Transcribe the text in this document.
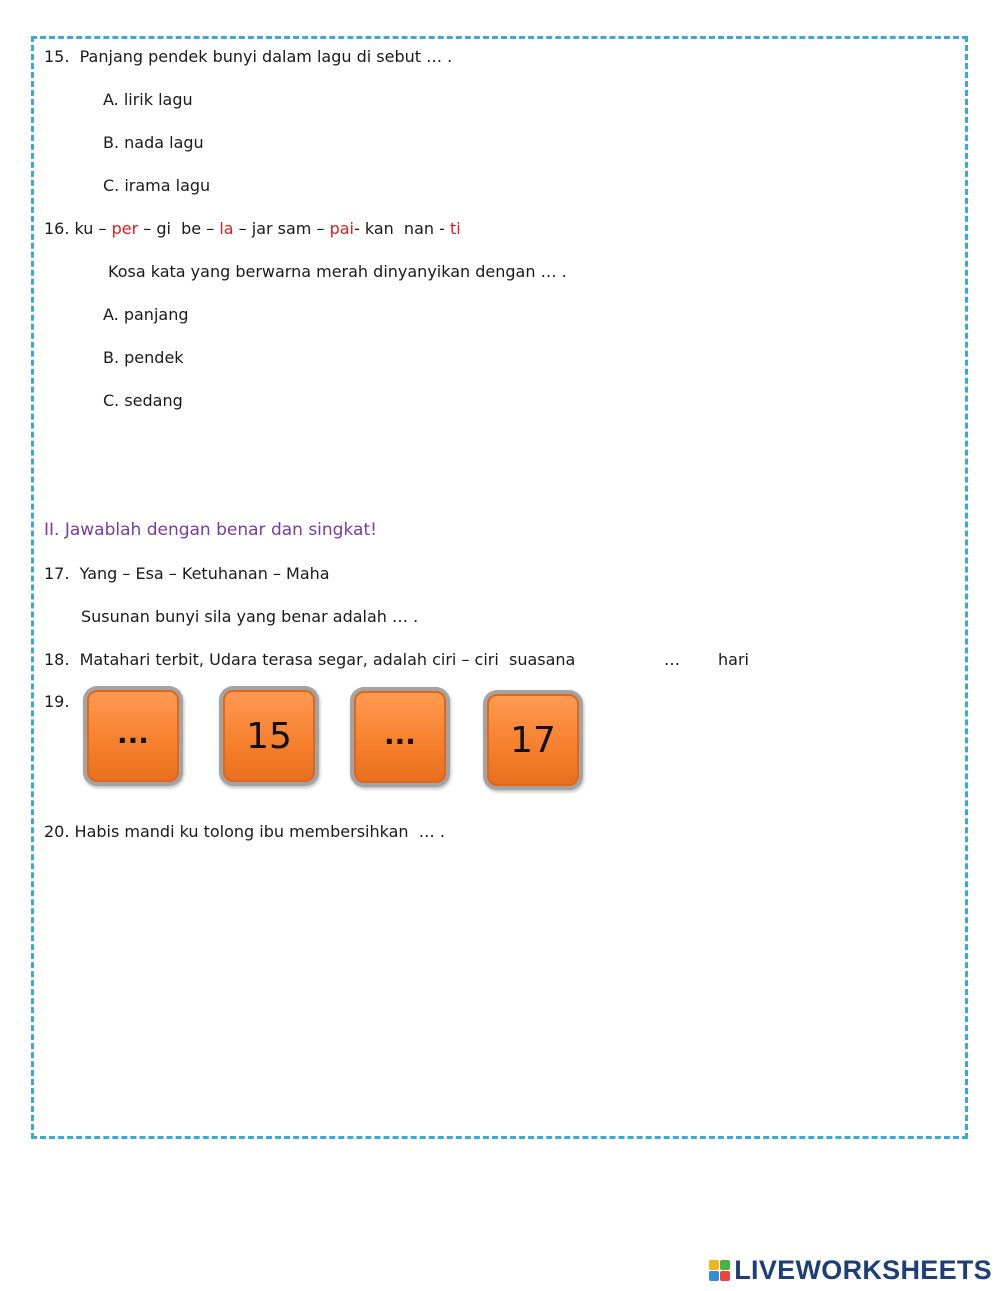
15.  Panjang pendek bunyi dalam lagu di sebut … .
A. lirik lagu
B. nada lagu
C. irama lagu
16. ku – per – gi  be – la – jar sam – pai- kan  nan - ti
Kosa kata yang berwarna merah dinyanyikan dengan … .
A. panjang
B. pendek
C. sedang
II. Jawablah dengan benar dan singkat!
17.  Yang – Esa – Ketuhanan – Maha
Susunan bunyi sila yang benar adalah … .
18.  Matahari terbit, Udara terasa segar, adalah ciri – ciri  suasana	… hari
19.
...	15	...	17
20. Habis mandi ku tolong ibu membersihkan  … .
LIVEWORKSHEETS
